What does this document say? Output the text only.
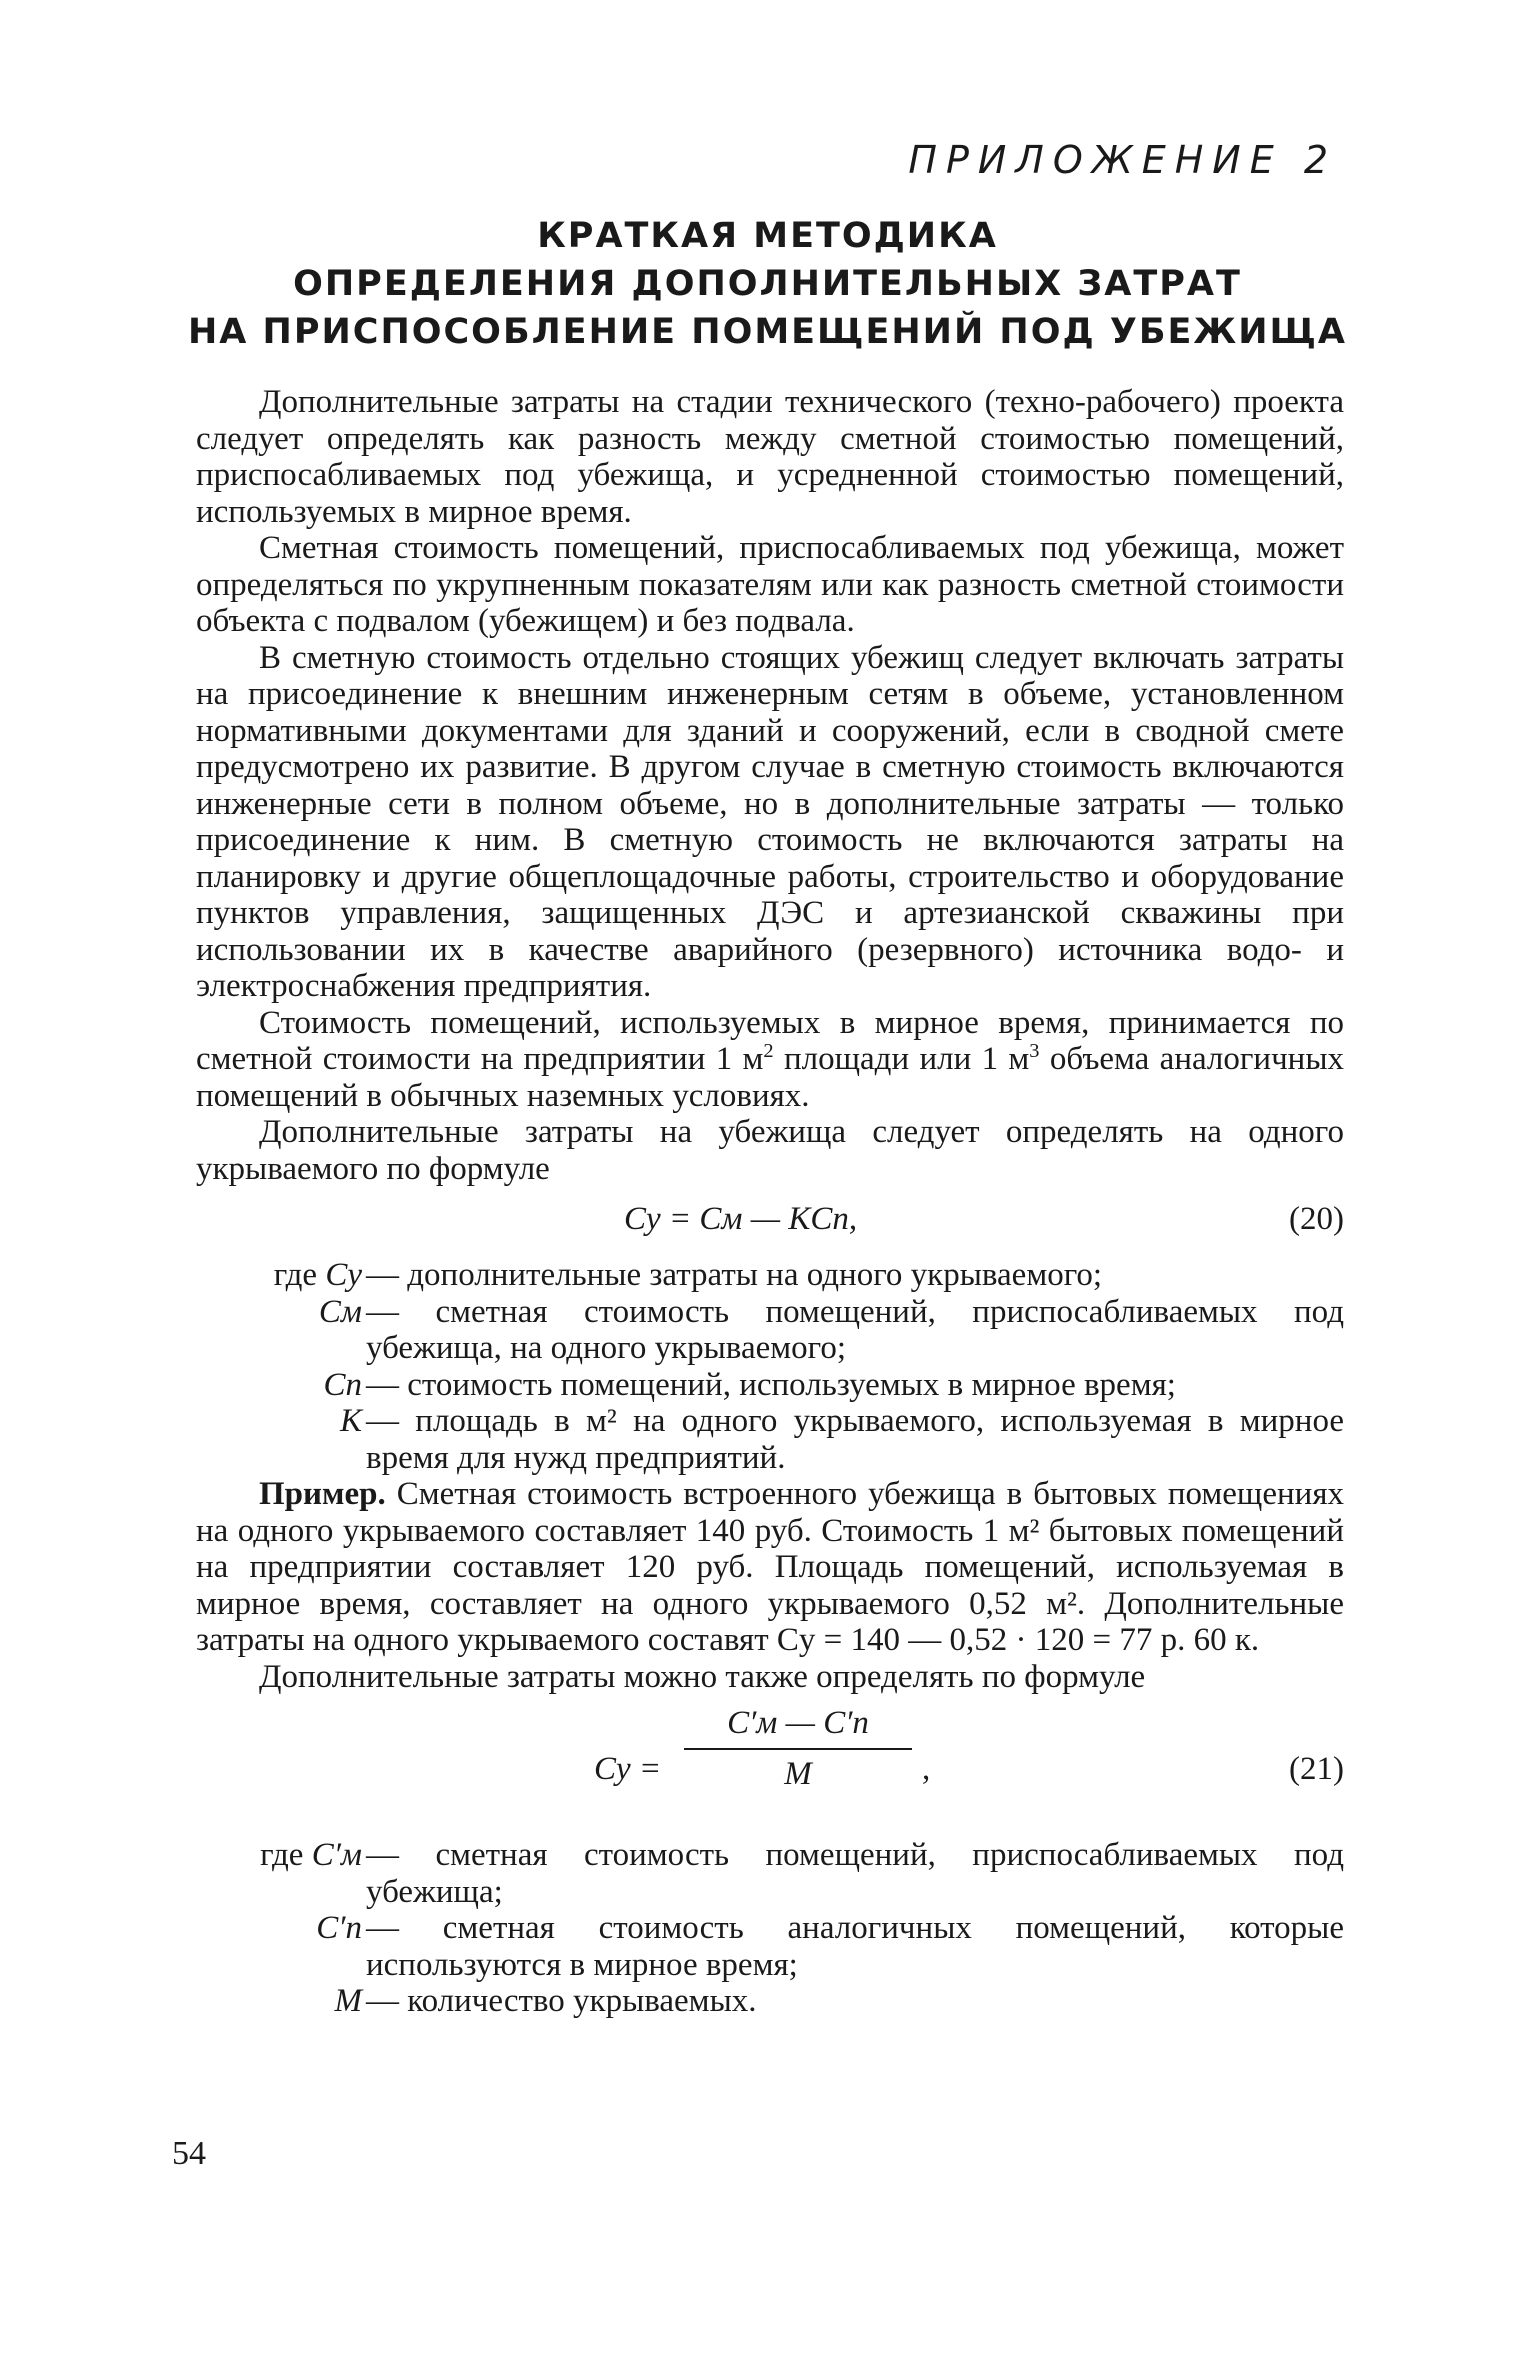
ПРИЛОЖЕНИЕ 2
КРАТКАЯ МЕТОДИКА
ОПРЕДЕЛЕНИЯ ДОПОЛНИТЕЛЬНЫХ ЗАТРАТ
НА ПРИСПОСОБЛЕНИЕ ПОМЕЩЕНИЙ ПОД УБЕЖИЩА

Дополнительные затраты на стадии технического (техно-рабочего) проекта следует определять как разность между сметной стоимостью помещений, приспосабливаемых под убежища, и усредненной стоимостью помещений, используемых в мирное время.

Сметная стоимость помещений, приспосабливаемых под убежища, может определяться по укрупненным показателям или как разность сметной стоимости объекта с подвалом (убежищем) и без подвала.

В сметную стоимость отдельно стоящих убежищ следует включать затраты на присоединение к внешним инженерным сетям в объеме, установленном нормативными документами для зданий и сооружений, если в сводной смете предусмотрено их развитие. В другом случае в сметную стоимость включаются инженерные сети в полном объеме, но в дополнительные затраты — только присоединение к ним. В сметную стоимость не включаются затраты на планировку и другие общеплощадочные работы, строительство и оборудование пунктов управления, защищенных ДЭС и артезианской скважины при использовании их в качестве аварийного (резервного) источника водо- и электроснабжения предприятия.

Стоимость помещений, используемых в мирное время, принимается по сметной стоимости на предприятии 1 $м^2$ площади или 1 $м^3$ объема аналогичных помещений в обычных наземных условиях.

Дополнительные затраты на убежища следует определять на одного укрываемого по формуле

Cу = Cм — KCп,	(20)
где Cу — дополнительные затраты на одного укрываемого;
Cм — сметная стоимость помещений, приспосабливаемых под убежища, на одного укрываемого;
Cп — стоимость помещений, используемых в мирное время;
K — площадь в м² на одного укрываемого, используемая в мирное время для нужд предприятий.

Пример. Сметная стоимость встроенного убежища в бытовых помещениях на одного укрываемого составляет 140 руб. Стоимость 1 м² бытовых помещений на предприятии составляет 120 руб. Площадь помещений, используемая в мирное время, составляет на одного укрываемого 0,52 м². Дополнительные затраты на одного укрываемого составят Cу = 140 — 0,52 · 120 = 77 р. 60 к.

Дополнительные затраты можно также определять по формуле

Cу =
C′м — C′п
M	,	(21)
где C′м — сметная стоимость помещений, приспосабливаемых под убежища;
C′п — сметная стоимость аналогичных помещений, которые используются в мирное время;
M — количество укрываемых.
54
